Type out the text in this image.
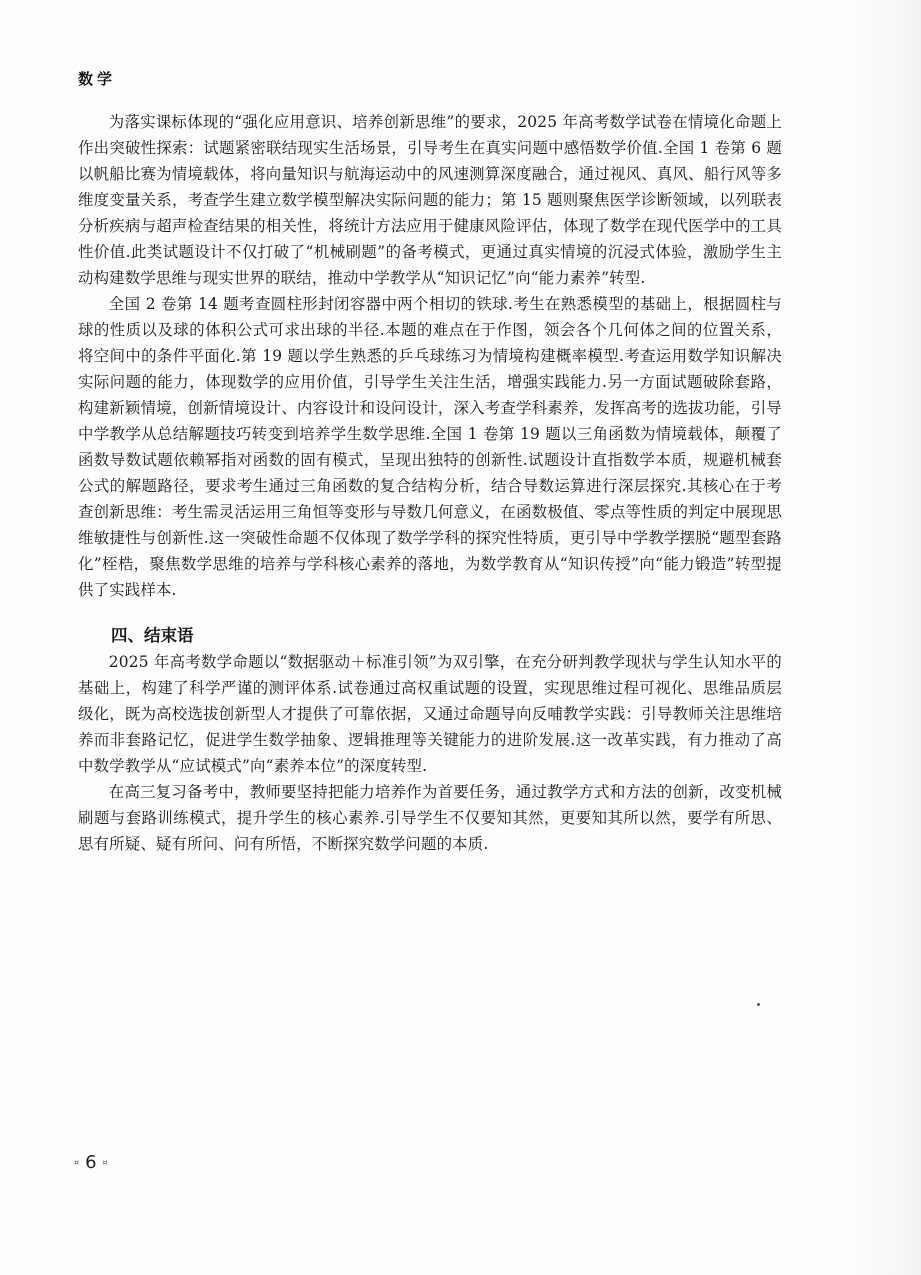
数学

为落实课标体现的“强化应用意识、培养创新思维”的要求，2025 年高考数学试卷在情境化命题上作出突破性探索：试题紧密联结现实生活场景，引导考生在真实问题中感悟数学价值.全国 1 卷第 6 题以帆船比赛为情境载体，将向量知识与航海运动中的风速测算深度融合，通过视风、真风、船行风等多维度变量关系，考查学生建立数学模型解决实际问题的能力；第 15 题则聚焦医学诊断领域，以列联表分析疾病与超声检查结果的相关性，将统计方法应用于健康风险评估，体现了数学在现代医学中的工具性价值.此类试题设计不仅打破了“机械刷题”的备考模式，更通过真实情境的沉浸式体验，激励学生主动构建数学思维与现实世界的联结，推动中学教学从“知识记忆”向“能力素养”转型.

全国 2 卷第 14 题考查圆柱形封闭容器中两个相切的铁球.考生在熟悉模型的基础上，根据圆柱与球的性质以及球的体积公式可求出球的半径.本题的难点在于作图，领会各个几何体之间的位置关系，将空间中的条件平面化.第 19 题以学生熟悉的乒乓球练习为情境构建概率模型.考查运用数学知识解决实际问题的能力，体现数学的应用价值，引导学生关注生活，增强实践能力.另一方面试题破除套路，构建新颖情境，创新情境设计、内容设计和设问设计，深入考查学科素养，发挥高考的选拔功能，引导中学教学从总结解题技巧转变到培养学生数学思维.全国 1 卷第 19 题以三角函数为情境载体，颠覆了函数导数试题依赖幂指对函数的固有模式，呈现出独特的创新性.试题设计直指数学本质，规避机械套公式的解题路径，要求考生通过三角函数的复合结构分析，结合导数运算进行深层探究.其核心在于考查创新思维：考生需灵活运用三角恒等变形与导数几何意义，在函数极值、零点等性质的判定中展现思维敏捷性与创新性.这一突破性命题不仅体现了数学学科的探究性特质，更引导中学教学摆脱“题型套路化”桎梏，聚焦数学思维的培养与学科核心素养的落地，为数学教育从“知识传授”向“能力锻造”转型提供了实践样本.

四、结束语

2025 年高考数学命题以“数据驱动＋标准引领”为双引擎，在充分研判教学现状与学生认知水平的基础上，构建了科学严谨的测评体系.试卷通过高权重试题的设置，实现思维过程可视化、思维品质层级化，既为高校选拔创新型人才提供了可靠依据，又通过命题导向反哺教学实践：引导教师关注思维培养而非套路记忆，促进学生数学抽象、逻辑推理等关键能力的进阶发展.这一改革实践，有力推动了高中数学教学从“应试模式”向“素养本位”的深度转型.

在高三复习备考中，教师要坚持把能力培养作为首要任务，通过教学方式和方法的创新，改变机械刷题与套路训练模式，提升学生的核心素养.引导学生不仅要知其然，更要知其所以然，要学有所思、思有所疑、疑有所问、问有所悟，不断探究数学问题的本质.

¤ 6 ¤
